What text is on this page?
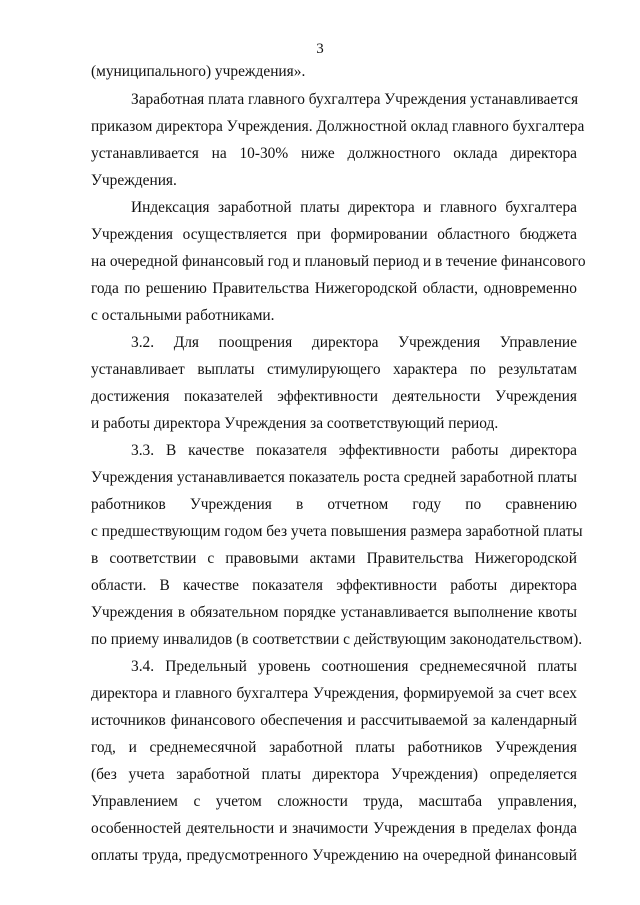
3
(муниципального) учреждения».
Заработная плата главного бухгалтера Учреждения устанавливается
приказом директора Учреждения. Должностной оклад главного бухгалтера
устанавливается на 10-30% ниже должностного оклада директора
Учреждения.
Индексация заработной платы директора и главного бухгалтера
Учреждения осуществляется при формировании областного бюджета
на очередной финансовый год и плановый период и в течение финансового
года по решению Правительства Нижегородской области, одновременно
с остальными работниками.
3.2. Для поощрения директора Учреждения Управление
устанавливает выплаты стимулирующего характера по результатам
достижения показателей эффективности деятельности Учреждения
и работы директора Учреждения за соответствующий период.
3.3. В качестве показателя эффективности работы директора
Учреждения устанавливается показатель роста средней заработной платы
работников Учреждения в отчетном году по сравнению
с предшествующим годом без учета повышения размера заработной платы
в соответствии с правовыми актами Правительства Нижегородской
области. В качестве показателя эффективности работы директора
Учреждения в обязательном порядке устанавливается выполнение квоты
по приему инвалидов (в соответствии с действующим законодательством).
3.4. Предельный уровень соотношения среднемесячной платы
директора и главного бухгалтера Учреждения, формируемой за счет всех
источников финансового обеспечения и рассчитываемой за календарный
год, и среднемесячной заработной платы работников Учреждения
(без учета заработной платы директора Учреждения) определяется
Управлением с учетом сложности труда, масштаба управления,
особенностей деятельности и значимости Учреждения в пределах фонда
оплаты труда, предусмотренного Учреждению на очередной финансовый
